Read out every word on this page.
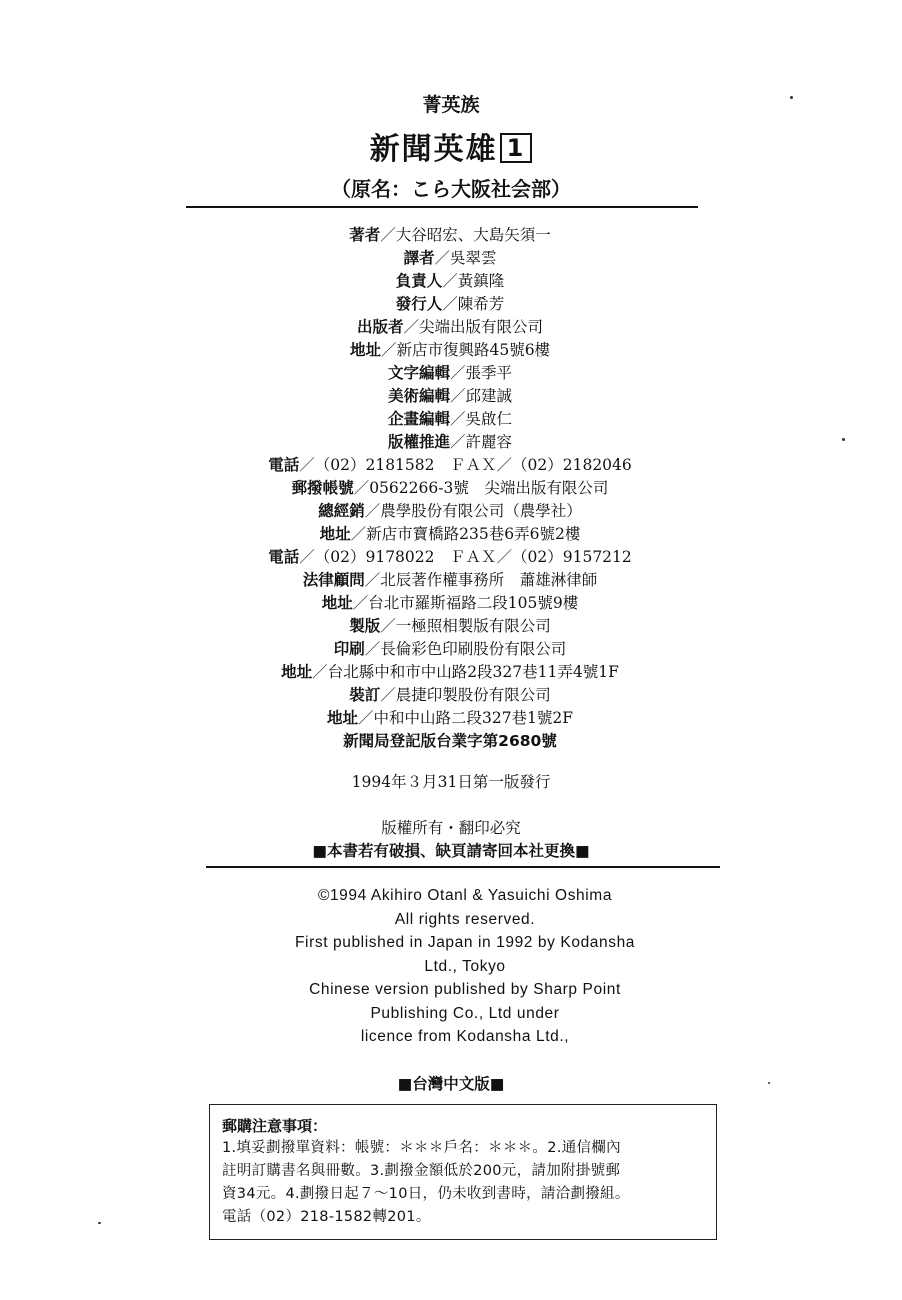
菁英族
新聞英雄 1
（原名：こら大阪社会部）
著者／大谷昭宏、大島矢須一
譯者／吳翠雲
負責人／黃鎮隆
發行人／陳希芳
出版者／尖端出版有限公司
地址／新店市復興路45號6樓
文字編輯／張季平
美術編輯／邱建誠
企畫編輯／吳啟仁
版權推進／許麗容
電話／（02）2181582　ＦＡＸ／（02）2182046
郵撥帳號／0562266-3號　尖端出版有限公司
總經銷／農學股份有限公司（農學社）
地址／新店市寶橋路235巷6弄6號2樓
電話／（02）9178022　ＦＡＸ／（02）9157212
法律顧問／北辰著作權事務所　蕭雄淋律師
地址／台北市羅斯福路二段105號9樓
製版／一極照相製版有限公司
印刷／長倫彩色印刷股份有限公司
地址／台北縣中和市中山路2段327巷11弄4號1F
裝訂／晨捷印製股份有限公司
地址／中和中山路二段327巷1號2F
新聞局登記版台業字第2680號
1994年３月31日第一版發行
版權所有・翻印必究
■本書若有破損、缺頁請寄回本社更換■
©1994 Akihiro Otanl & Yasuichi Oshima
All rights reserved.
First published in Japan in 1992 by Kodansha
Ltd., Tokyo
Chinese version published by Sharp Point
Publishing Co., Ltd under
licence from Kodansha Ltd.,
■台灣中文版■
郵購注意事項：
1.填妥劃撥單資料：帳號：＊＊＊戶名：＊＊＊。2.通信欄內
註明訂購書名與冊數。3.劃撥金額低於200元，請加附掛號郵
資34元。4.劃撥日起７～10日，仍未收到書時，請洽劃撥組。
電話（02）218-1582轉201。
